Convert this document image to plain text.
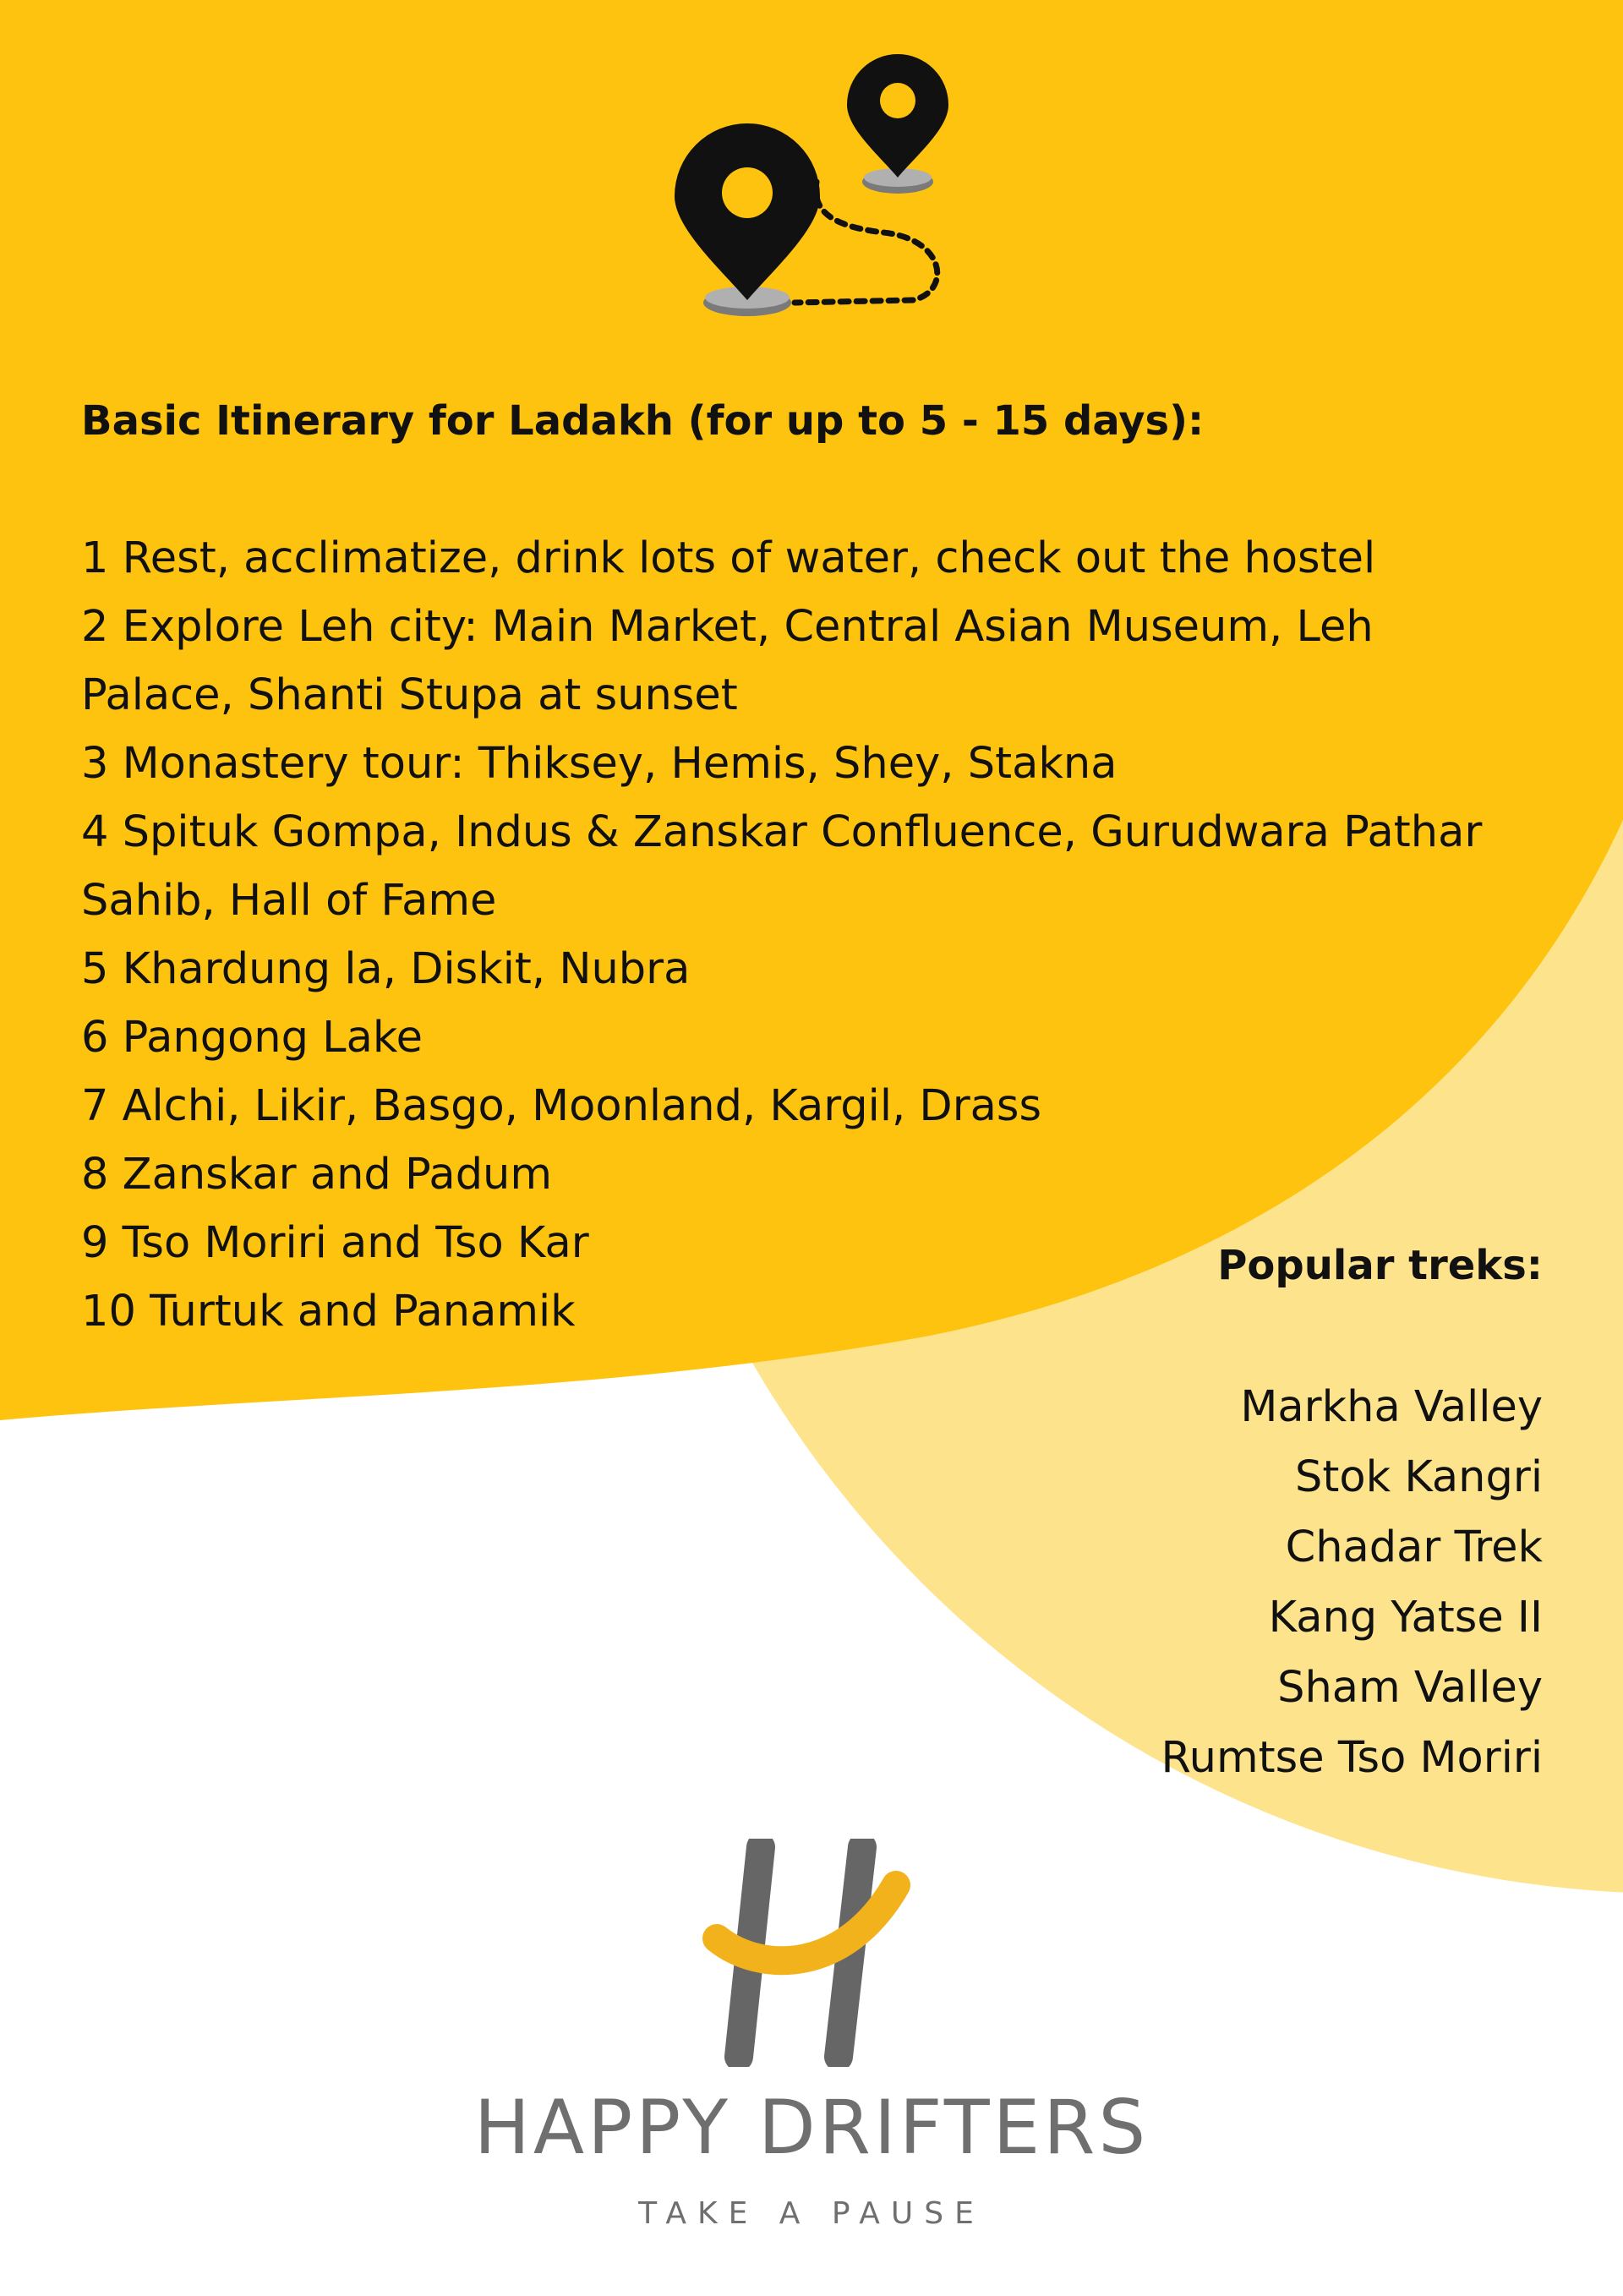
Basic Itinerary for Ladakh (for up to 5 - 15 days):
1 Rest, acclimatize, drink lots of water, check out the hostel
2 Explore Leh city: Main Market, Central Asian Museum, Leh Palace, Shanti Stupa at sunset
3 Monastery tour: Thiksey, Hemis, Shey, Stakna
4 Spituk Gompa, Indus & Zanskar Confluence, Gurudwara Pathar Sahib, Hall of Fame
5 Khardung la, Diskit, Nubra
6 Pangong Lake
7 Alchi, Likir, Basgo, Moonland, Kargil, Drass
8 Zanskar and Padum
9 Tso Moriri and Tso Kar
10 Turtuk and Panamik
Popular treks:
Markha Valley
Stok Kangri
Chadar Trek
Kang Yatse II
Sham Valley
Rumtse Tso Moriri
HAPPY DRIFTERS
TAKE A PAUSE
